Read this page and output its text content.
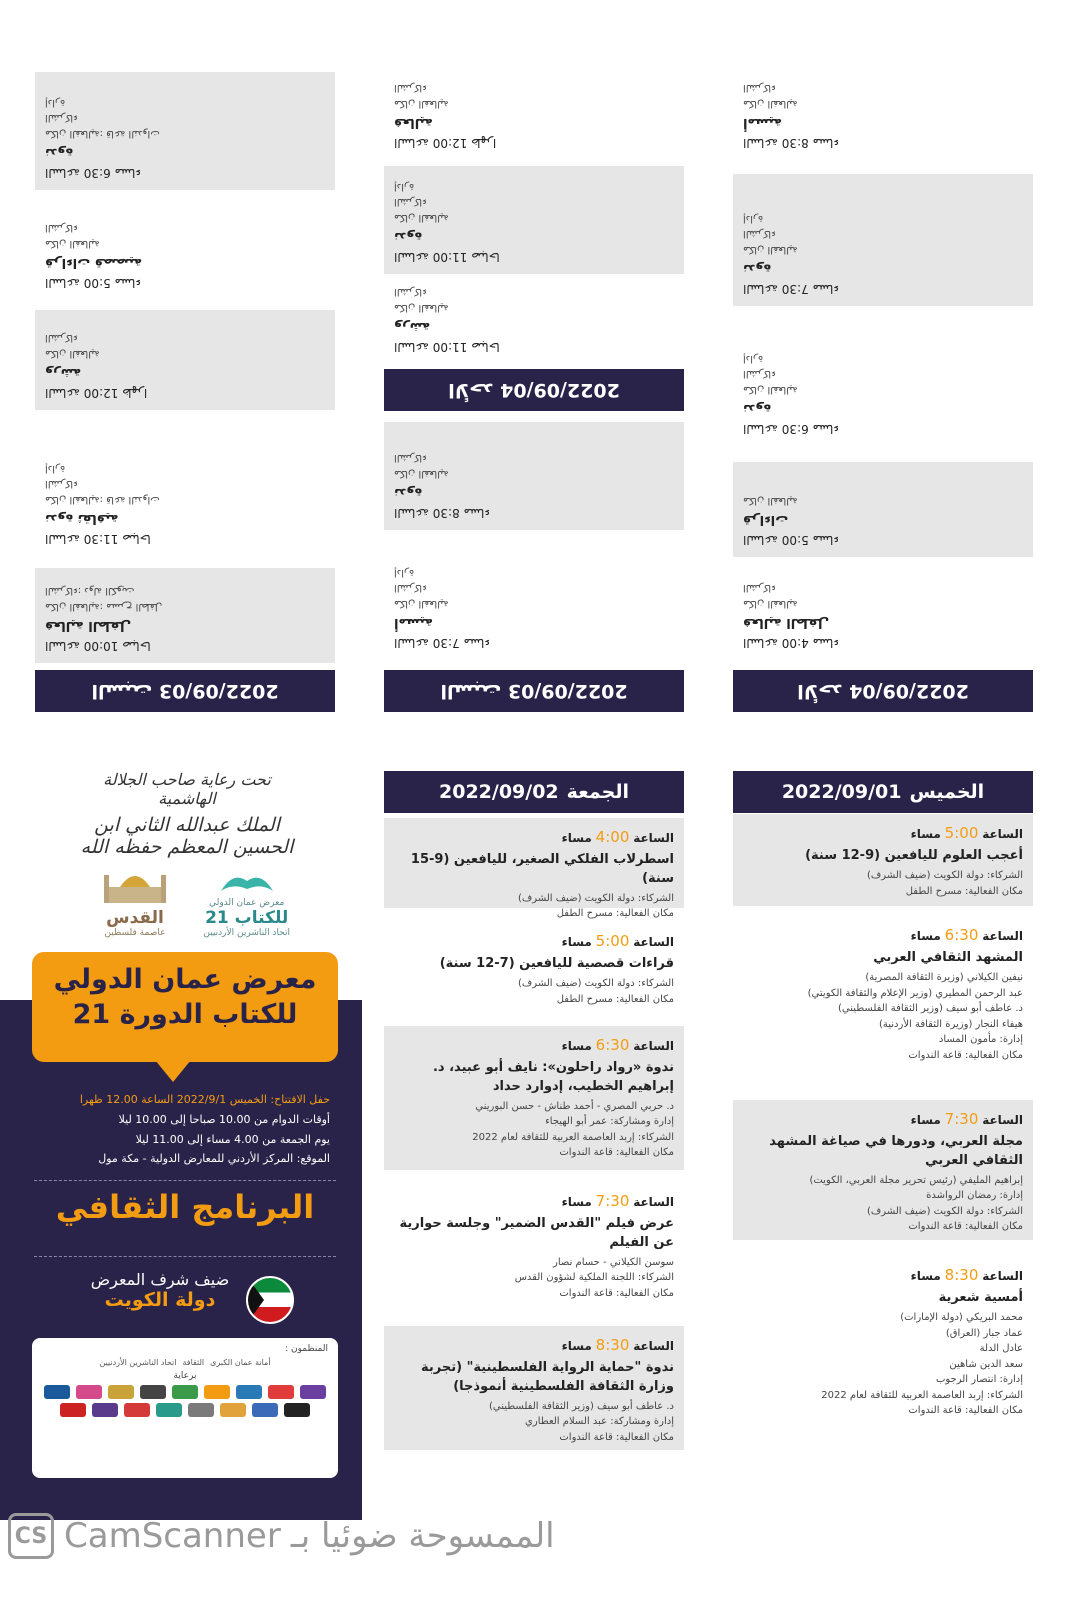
الساعة 6:30 مساء
ندوة
مكان الفعالية: قاعة الندوات
الشركاء
إدارة
الساعة 5:00 مساء
قراءات قصصية
مكان الفعالية
الشركاء
الساعة 12:00 ظهرا
ورشة
مكان الفعالية
الشركاء
الساعة 11:30 صباحا
ندوة ثقافية
مكان الفعالية: قاعة الندوات
الشركاء
إدارة
الساعة 10:00 صباحا
فعالية الطفل
مكان الفعالية: مسرح الطفل
الشركاء: دولة الكويت
2022/09/03 السبت
الساعة 12:00 ظهرا
فعالية
مكان الفعالية
الشركاء
الساعة 11:00 صباحا
ندوة
مكان الفعالية
الشركاء
إدارة
الساعة 11:00 صباحا
ورشة
مكان الفعالية
الشركاء
2022/09/04 الأحد
الساعة 8:30 مساء
ندوة
مكان الفعالية
الشركاء
الساعة 7:30 مساء
أمسية
مكان الفعالية
الشركاء
إدارة
2022/09/03 السبت
الساعة 8:30 مساء
أمسية
مكان الفعالية
الشركاء
الساعة 7:30 مساء
ندوة
مكان الفعالية
الشركاء
إدارة
الساعة 6:30 مساء
ندوة
مكان الفعالية
الشركاء
إدارة
الساعة 5:00 مساء
قراءات
مكان الفعالية
الساعة 4:00 مساء
فعالية الطفل
مكان الفعالية
الشركاء
2022/09/04 الأحد
تحت رعاية صاحب الجلالة الهاشمية
الملك عبدالله الثاني ابن الحسين المعظم حفظه الله
القدس
عاصمة فلسطين
معرض عمان الدولي
21 للكتاب
اتحاد الناشرين الأردنيين
معرض عمان الدولي
للكتاب الدورة 21
حفل الافتتاح: الخميس 2022/9/1 الساعة 12.00 ظهرا
أوقات الدوام من 10.00 صباحا إلى 10.00 ليلا
يوم الجمعة من 4.00 مساء إلى 11.00 ليلا
الموقع: المركز الأردني للمعارض الدولية - مكة مول
البرنامج الثقافي
ضيف شرف المعرض
دولة الكويت
المنظمون :
أمانة عمان الكبرى
الثقافة
اتحاد الناشرين الأردنيين
برعاية
2022/09/02 الجمعة
الساعة 4:00 مساء
اسطرلاب الفلكي الصغير، لليافعين (9-15 سنة)
الشركاء: دولة الكويت (ضيف الشرف)
مكان الفعالية: مسرح الطفل
الساعة 5:00 مساء
قراءات قصصية لليافعين (7-12 سنة)
الشركاء: دولة الكويت (ضيف الشرف)
مكان الفعالية: مسرح الطفل
الساعة 6:30 مساء
ندوة «رواد راحلون»: نايف أبو عبيد، د. إبراهيم الخطيب، إدوارد حداد
د. حربي المصري - أحمد طناش - حسن البوريني
إدارة ومشاركة: عمر أبو الهيجاء
الشركاء: إربد العاصمة العربية للثقافة لعام 2022
مكان الفعالية: قاعة الندوات
الساعة 7:30 مساء
عرض فيلم "القدس الضمير" وجلسة حوارية عن الفيلم
سوسن الكيلاني - حسام نصار
الشركاء: اللجنة الملكية لشؤون القدس
مكان الفعالية: قاعة الندوات
الساعة 8:30 مساء
ندوة "حماية الرواية الفلسطينية" (تجربة وزارة الثقافة الفلسطينية أنموذجا)
د. عاطف أبو سيف (وزير الثقافة الفلسطيني)
إدارة ومشاركة: عبد السلام العطاري
مكان الفعالية: قاعة الندوات
2022/09/01 الخميس
الساعة 5:00 مساء
أعجب العلوم لليافعين (9-12 سنة)
الشركاء: دولة الكويت (ضيف الشرف)
مكان الفعالية: مسرح الطفل
الساعة 6:30 مساء
المشهد الثقافي العربي
نيفين الكيلاني (وزيرة الثقافة المصرية)
عبد الرحمن المطيري (وزير الإعلام والثقافة الكويتي)
د. عاطف أبو سيف (وزير الثقافة الفلسطيني)
هيفاء النجار (وزيرة الثقافة الأردنية)
إدارة: مأمون المساد
مكان الفعالية: قاعة الندوات
الساعة 7:30 مساء
مجلة العربي، ودورها في صياغة المشهد الثقافي العربي
إبراهيم المليفي (رئيس تحرير مجلة العربي، الكويت)
إدارة: رمضان الرواشدة
الشركاء: دولة الكويت (ضيف الشرف)
مكان الفعالية: قاعة الندوات
الساعة 8:30 مساء
أمسية شعرية
محمد البريكي (دولة الإمارات)
عماد جبار (العراق)
عادل الدلة
سعد الدين شاهين
إدارة: انتصار الرجوب
الشركاء: إربد العاصمة العربية للثقافة لعام 2022
مكان الفعالية: قاعة الندوات
CS CamScanner الممسوحة ضوئيا بـ
